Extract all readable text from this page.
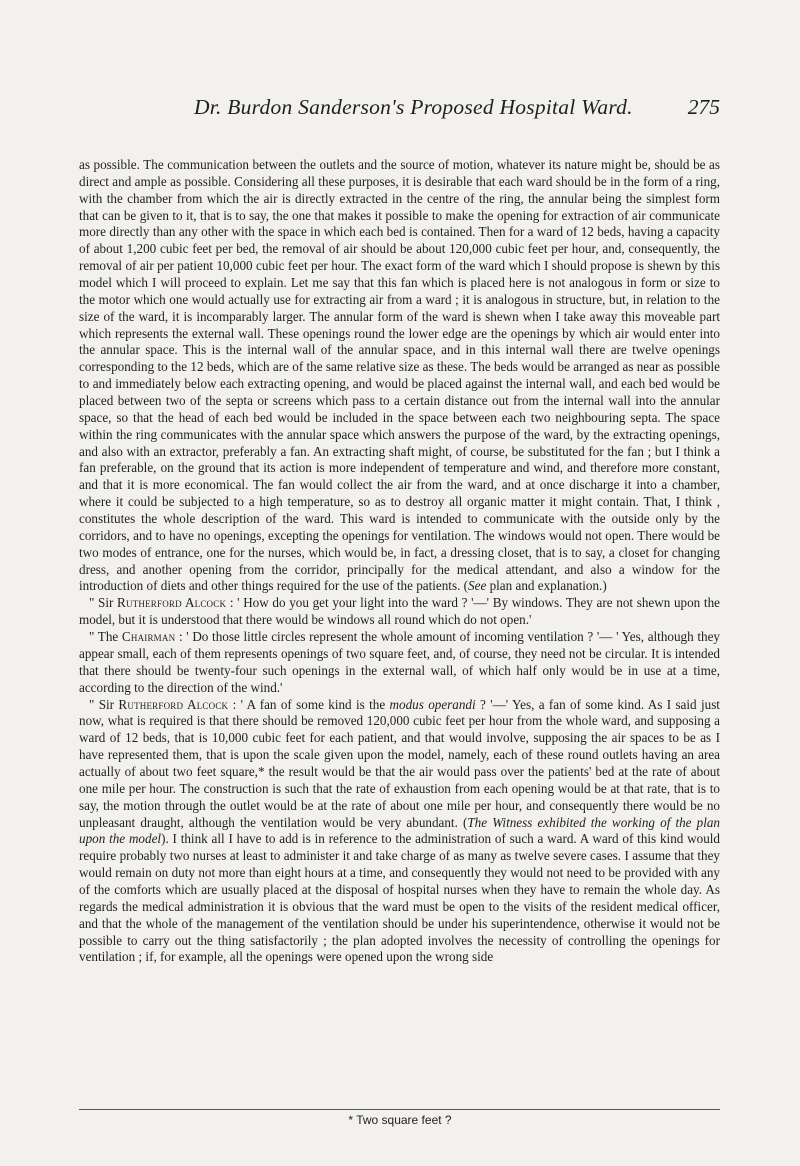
Dr. Burdon Sanderson's Proposed Hospital Ward.	275

as possible. The communication between the outlets and the source of motion, whatever its nature might be, should be as direct and ample as possible. Considering all these purposes, it is desirable that each ward should be in the form of a ring, with the chamber from which the air is directly extracted in the centre of the ring, the annular being the simplest form that can be given to it, that is to say, the one that makes it possible to make the opening for extraction of air communicate more directly than any other with the space in which each bed is contained. Then for a ward of 12 beds, having a capacity of about 1,200 cubic feet per bed, the removal of air should be about 120,000 cubic feet per hour, and, consequently, the removal of air per patient 10,000 cubic feet per hour. The exact form of the ward which I should propose is shewn by this model which I will proceed to explain. Let me say that this fan which is placed here is not analogous in form or size to the motor which one would actually use for extracting air from a ward ; it is analogous in structure, but, in relation to the size of the ward, it is incomparably larger. The annular form of the ward is shewn when I take away this moveable part which represents the external wall. These openings round the lower edge are the openings by which air would enter into the annular space. This is the internal wall of the annular space, and in this internal wall there are twelve openings corresponding to the 12 beds, which are of the same relative size as these. The beds would be arranged as near as possible to and immediately below each extracting opening, and would be placed against the internal wall, and each bed would be placed between two of the septa or screens which pass to a certain distance out from the internal wall into the annular space, so that the head of each bed would be included in the space between each two neighbouring septa. The space within the ring communicates with the annular space which answers the purpose of the ward, by the extracting openings, and also with an extractor, preferably a fan. An extracting shaft might, of course, be substituted for the fan ; but I think a fan preferable, on the ground that its action is more independent of temperature and wind, and therefore more constant, and that it is more economical. The fan would collect the air from the ward, and at once discharge it into a chamber, where it could be subjected to a high temperature, so as to destroy all organic matter it might contain. That, I think , constitutes the whole description of the ward. This ward is intended to communicate with the outside only by the corridors, and to have no openings, excepting the openings for ventilation. The windows would not open. There would be two modes of entrance, one for the nurses, which would be, in fact, a dressing closet, that is to say, a closet for changing dress, and another opening from the corridor, principally for the medical attendant, and also a window for the introduction of diets and other things required for the use of the patients. (See plan and explanation.)

" Sir Rutherford Alcock : ' How do you get your light into the ward ? '—' By windows. They are not shewn upon the model, but it is understood that there would be windows all round which do not open.'

" The Chairman : ' Do those little circles represent the whole amount of incoming ventilation ? '— ' Yes, although they appear small, each of them represents openings of two square feet, and, of course, they need not be circular. It is intended that there should be twenty-four such openings in the external wall, of which half only would be in use at a time, according to the direction of the wind.'

" Sir Rutherford Alcock : ' A fan of some kind is the modus operandi ? '—' Yes, a fan of some kind. As I said just now, what is required is that there should be removed 120,000 cubic feet per hour from the whole ward, and supposing a ward of 12 beds, that is 10,000 cubic feet for each patient, and that would involve, supposing the air spaces to be as I have represented them, that is upon the scale given upon the model, namely, each of these round outlets having an area actually of about two feet square,* the result would be that the air would pass over the patients' bed at the rate of about one mile per hour. The construction is such that the rate of exhaustion from each opening would be at that rate, that is to say, the motion through the outlet would be at the rate of about one mile per hour, and consequently there would be no unpleasant draught, although the ventilation would be very abundant. (The Witness exhibited the working of the plan upon the model). I think all I have to add is in reference to the administration of such a ward. A ward of this kind would require probably two nurses at least to administer it and take charge of as many as twelve severe cases. I assume that they would remain on duty not more than eight hours at a time, and consequently they would not need to be provided with any of the comforts which are usually placed at the disposal of hospital nurses when they have to remain the whole day. As regards the medical administration it is obvious that the ward must be open to the visits of the resident medical officer, and that the whole of the management of the ventilation should be under his superintendence, otherwise it would not be possible to carry out the thing satisfactorily ; the plan adopted involves the necessity of controlling the openings for ventilation ; if, for example, all the openings were opened upon the wrong side

* Two square feet ?
